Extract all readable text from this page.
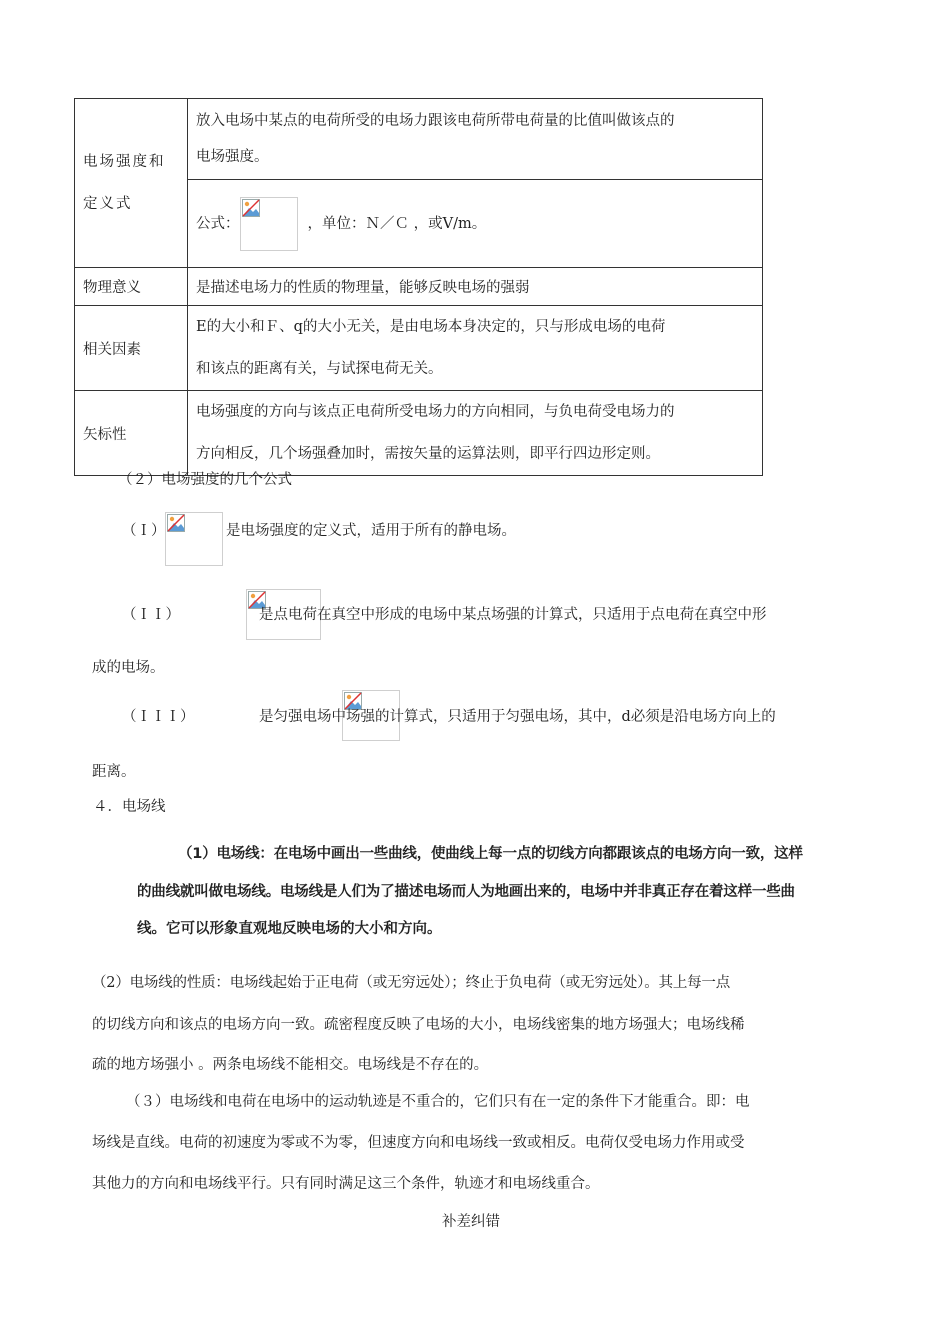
电场强度和定义式	放入电场中某点的电荷所受的电场力跟该电荷所带电荷量的比值叫做该点的
电场强度。

	公式： ，单位：Ｎ／Ｃ ，或V/m。
物理意义	是描述电场力的性质的物理量，能够反映电场的强弱
相关因素	E的大小和Ｆ、q的大小无关，是由电场本身决定的，只与形成电场的电荷
和该点的距离有关，与试探电荷无关。

矢标性	电场强度的方向与该点正电荷所受电场力的方向相同，与负电荷受电场力的
方向相反，几个场强叠加时，需按矢量的运算法则，即平行四边形定则。
（２）电场强度的几个公式
（Ｉ）
	是电场强度的定义式，适用于所有的静电场。
（ＩＩ）
	是点电荷在真空中形成的电场中某点场强的计算式，只适用于点电荷在真空中形
成的电场。
（ＩＩＩ）	是匀强电场中场强的计算式，只适用于匀强电场，其中，d必须是沿电场方向上的
距离。
４．电场线
（1）电场线：在电场中画出一些曲线，使曲线上每一点的切线方向都跟该点的电场方向一致，这样
的曲线就叫做电场线。电场线是人们为了描述电场而人为地画出来的，电场中并非真正存在着这样一些曲
线。它可以形象直观地反映电场的大小和方向。
（2）电场线的性质：电场线起始于正电荷（或无穷远处）；终止于负电荷（或无穷远处）。其上每一点
的切线方向和该点的电场方向一致。疏密程度反映了电场的大小，电场线密集的地方场强大；电场线稀
疏的地方场强小 。两条电场线不能相交。电场线是不存在的。
（３）电场线和电荷在电场中的运动轨迹是不重合的，它们只有在一定的条件下才能重合。即：电
场线是直线。电荷的初速度为零或不为零，但速度方向和电场线一致或相反。电荷仅受电场力作用或受
其他力的方向和电场线平行。只有同时满足这三个条件，轨迹才和电场线重合。
补差纠错
